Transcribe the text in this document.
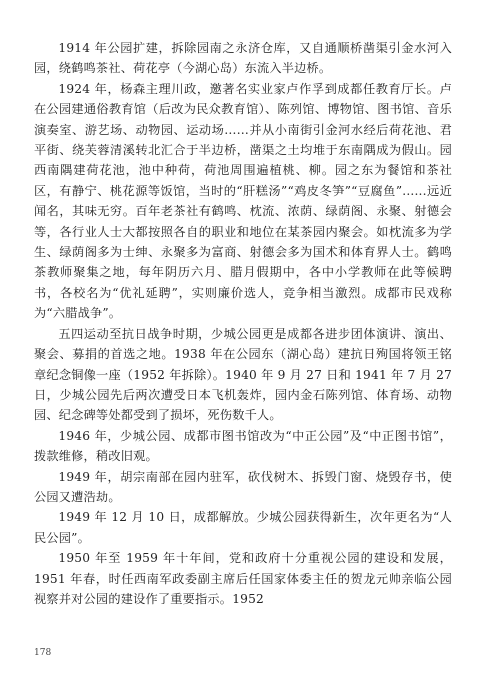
1914 年公园扩建，拆除园南之永济仓库，又自通顺桥凿渠引金水河入园，绕鹤鸣茶社、荷花亭（今湖心岛）东流入半边桥。

1924 年，杨森主理川政，邀著名实业家卢作孚到成都任教育厅长。卢在公园建通俗教育馆（后改为民众教育馆）、陈列馆、博物馆、图书馆、音乐演奏室、游艺场、动物园、运动场……并从小南街引金河水经后荷花池、君平街、绕芙蓉清溪转北汇合于半边桥，凿渠之土均堆于东南隅成为假山。园西南隅建荷花池，池中种荷，荷池周围遍植桃、柳。园之东为餐馆和茶社区，有静宁、桃花源等饭馆，当时的“肝糕汤”“鸡皮冬笋”“豆腐鱼”......远近闻名，其味无穷。百年老茶社有鹤鸣、枕流、浓荫、绿荫阁、永聚、射德会等，各行业人士大都按照各自的职业和地位在某茶园内聚会。如枕流多为学生、绿荫阁多为士绅、永聚多为富商、射德会多为国术和体育界人士。鹤鸣茶教师聚集之地，每年阴历六月、腊月假期中，各中小学教师在此等候聘书，各校名为“优礼延聘”，实则廉价选人，竞争相当激烈。成都市民戏称为“六腊战争”。

五四运动至抗日战争时期，少城公园更是成都各进步团体演讲、演出、聚会、募捐的首选之地。1938 年在公园东（湖心岛）建抗日殉国将领王铭章纪念铜像一座（1952 年拆除）。1940 年 9 月 27 日和 1941 年 7 月 27 日，少城公园先后两次遭受日本飞机轰炸，园内金石陈列馆、体育场、动物园、纪念碑等处都受到了损坏，死伤数千人。

1946 年，少城公园、成都市图书馆改为“中正公园”及“中正图书馆”，拨款维修，稍改旧观。

1949 年，胡宗南部在园内驻军，砍伐树木、拆毁门窗、烧毁存书，使公园又遭浩劫。

1949 年 12 月 10 日，成都解放。少城公园获得新生，次年更名为“人民公园”。

1950 年至 1959 年十年间，党和政府十分重视公园的建设和发展，1951 年春，时任西南军政委副主席后任国家体委主任的贺龙元帅亲临公园视察并对公园的建设作了重要指示。1952

178
